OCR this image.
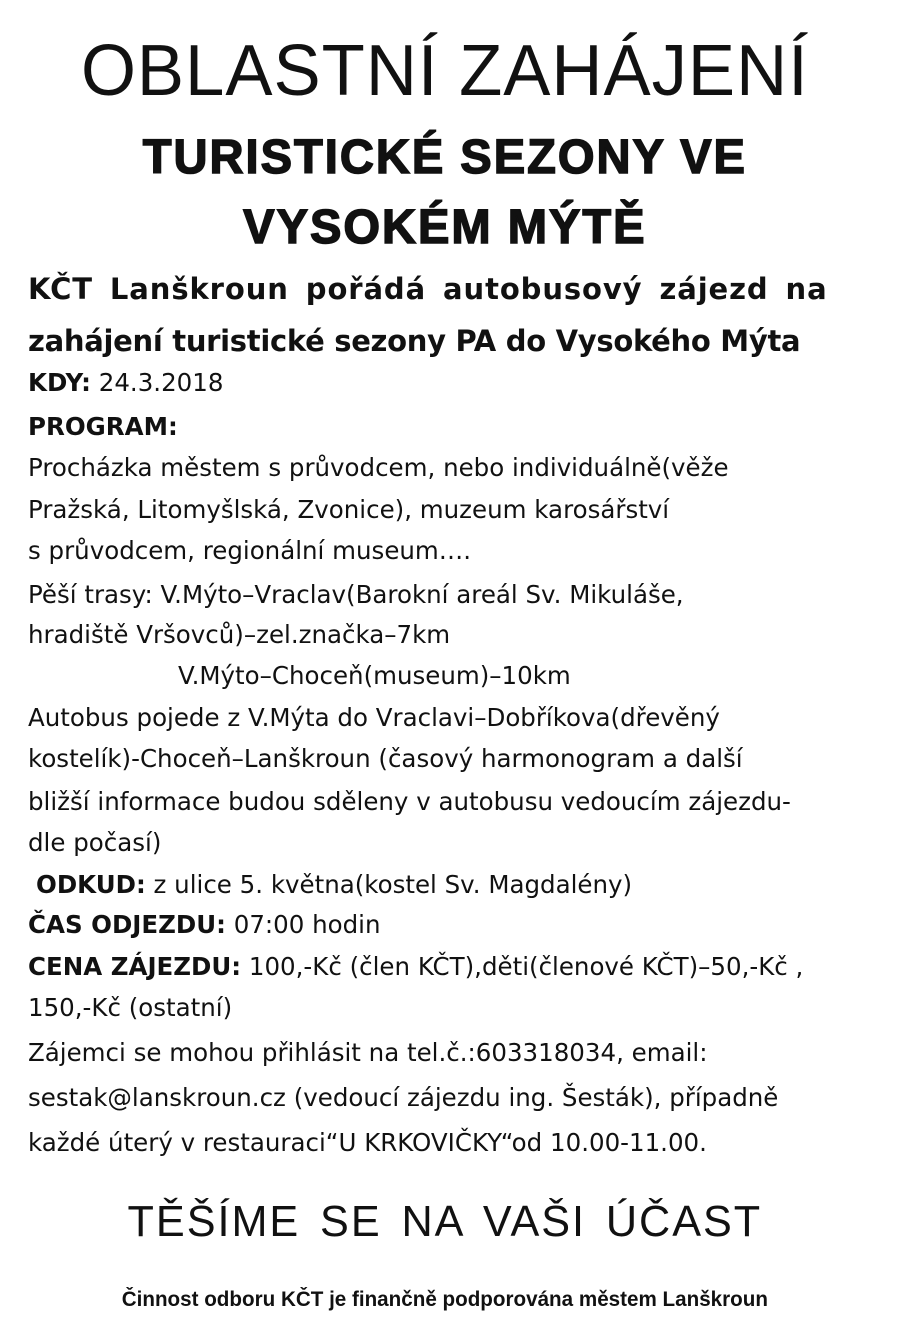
OBLASTNÍ ZAHÁJENÍ
TURISTICKÉ SEZONY VE
VYSOKÉM MÝTĚ
KČT Lanškroun pořádá autobusový zájezd na
zahájení turistické sezony PA do Vysokého Mýta
KDY: 24.3.2018
PROGRAM:
Procházka městem s průvodcem, nebo individuálně(věže
Pražská, Litomyšlská, Zvonice), muzeum karosářství
s průvodcem, regionální museum….
Pěší trasy: V.Mýto–Vraclav(Barokní areál Sv. Mikuláše,
hradiště Vršovců)–zel.značka–7km
V.Mýto–Choceň(museum)–10km
Autobus pojede z V.Mýta do Vraclavi–Dobříkova(dřevěný
kostelík)-Choceň–Lanškroun (časový harmonogram a další
bližší informace budou sděleny v autobusu vedoucím zájezdu-
dle počasí)
ODKUD: z ulice 5. května(kostel Sv. Magdalény)
ČAS ODJEZDU: 07:00 hodin
CENA ZÁJEZDU: 100,-Kč (člen KČT),děti(členové KČT)–50,-Kč ,
150,-Kč (ostatní)
Zájemci se mohou přihlásit na tel.č.:603318034, email:
sestak@lanskroun.cz (vedoucí zájezdu ing. Šesták), případně
každé úterý v restauraci“U KRKOVIČKY“od 10.00-11.00.
TĚŠÍME SE NA VAŠI ÚČAST
Činnost odboru KČT je finančně podporována městem Lanškroun
